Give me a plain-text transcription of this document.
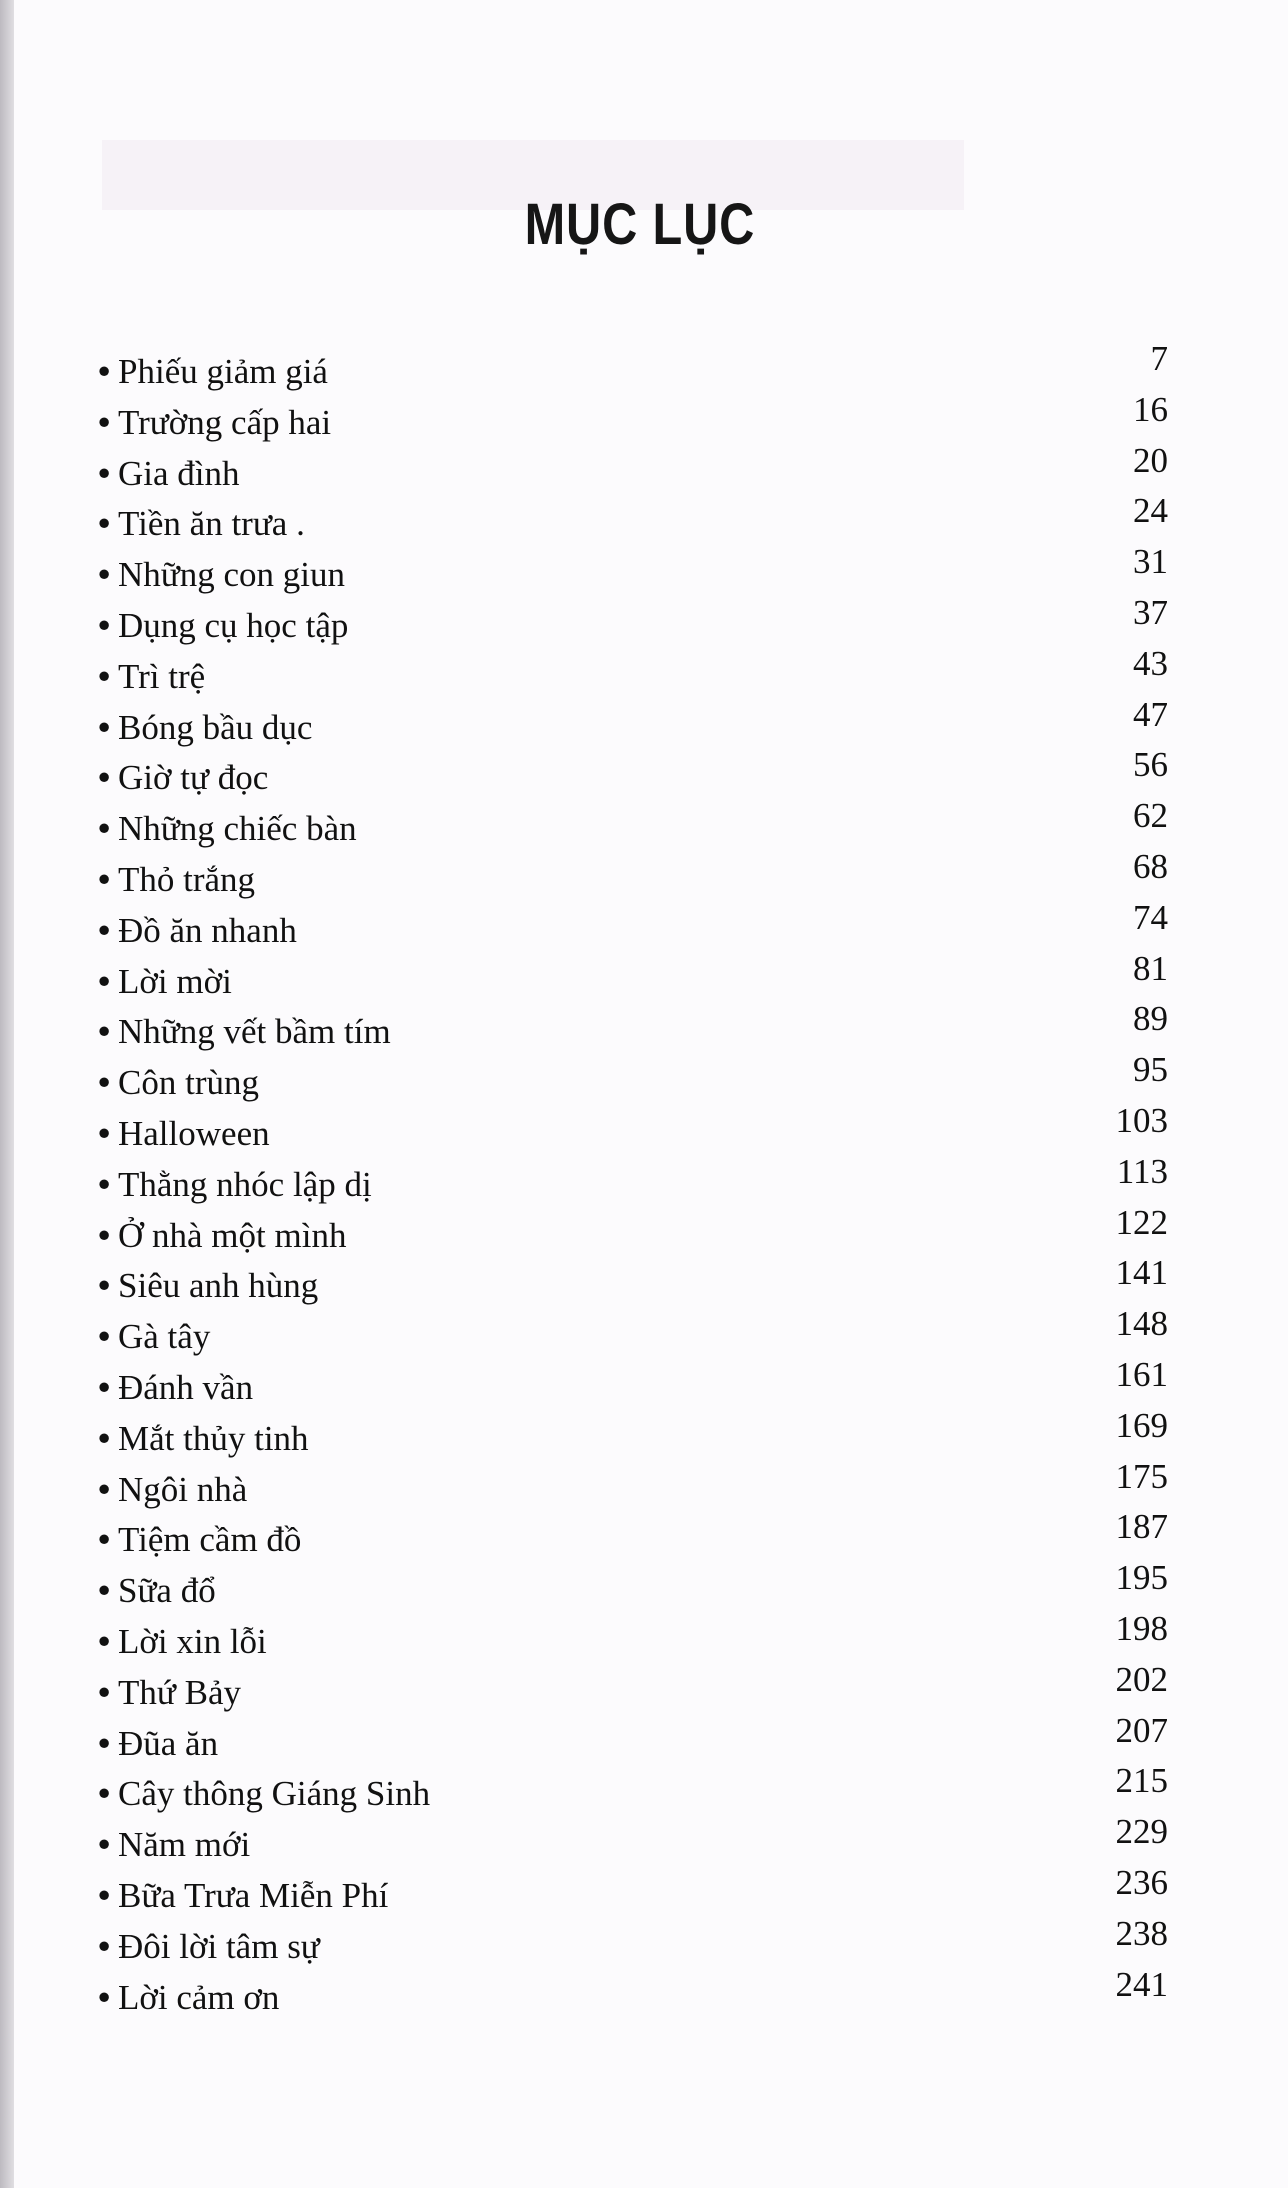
MỤC LỤC
• Phiếu giảm giá	7
• Trường cấp hai	16
• Gia đình	20
• Tiền ăn trưa .	24
• Những con giun	31
• Dụng cụ học tập	37
• Trì trệ	43
• Bóng bầu dục	47
• Giờ tự đọc	56
• Những chiếc bàn	62
• Thỏ trắng	68
• Đồ ăn nhanh	74
• Lời mời	81
• Những vết bầm tím	89
• Côn trùng	95
• Halloween	103
• Thằng nhóc lập dị	113
• Ở nhà một mình	122
• Siêu anh hùng	141
• Gà tây	148
• Đánh vần	161
• Mắt thủy tinh	169
• Ngôi nhà	175
• Tiệm cầm đồ	187
• Sữa đổ	195
• Lời xin lỗi	198
• Thứ Bảy	202
• Đũa ăn	207
• Cây thông Giáng Sinh	215
• Năm mới	229
• Bữa Trưa Miễn Phí	236
• Đôi lời tâm sự	238
• Lời cảm ơn	241
